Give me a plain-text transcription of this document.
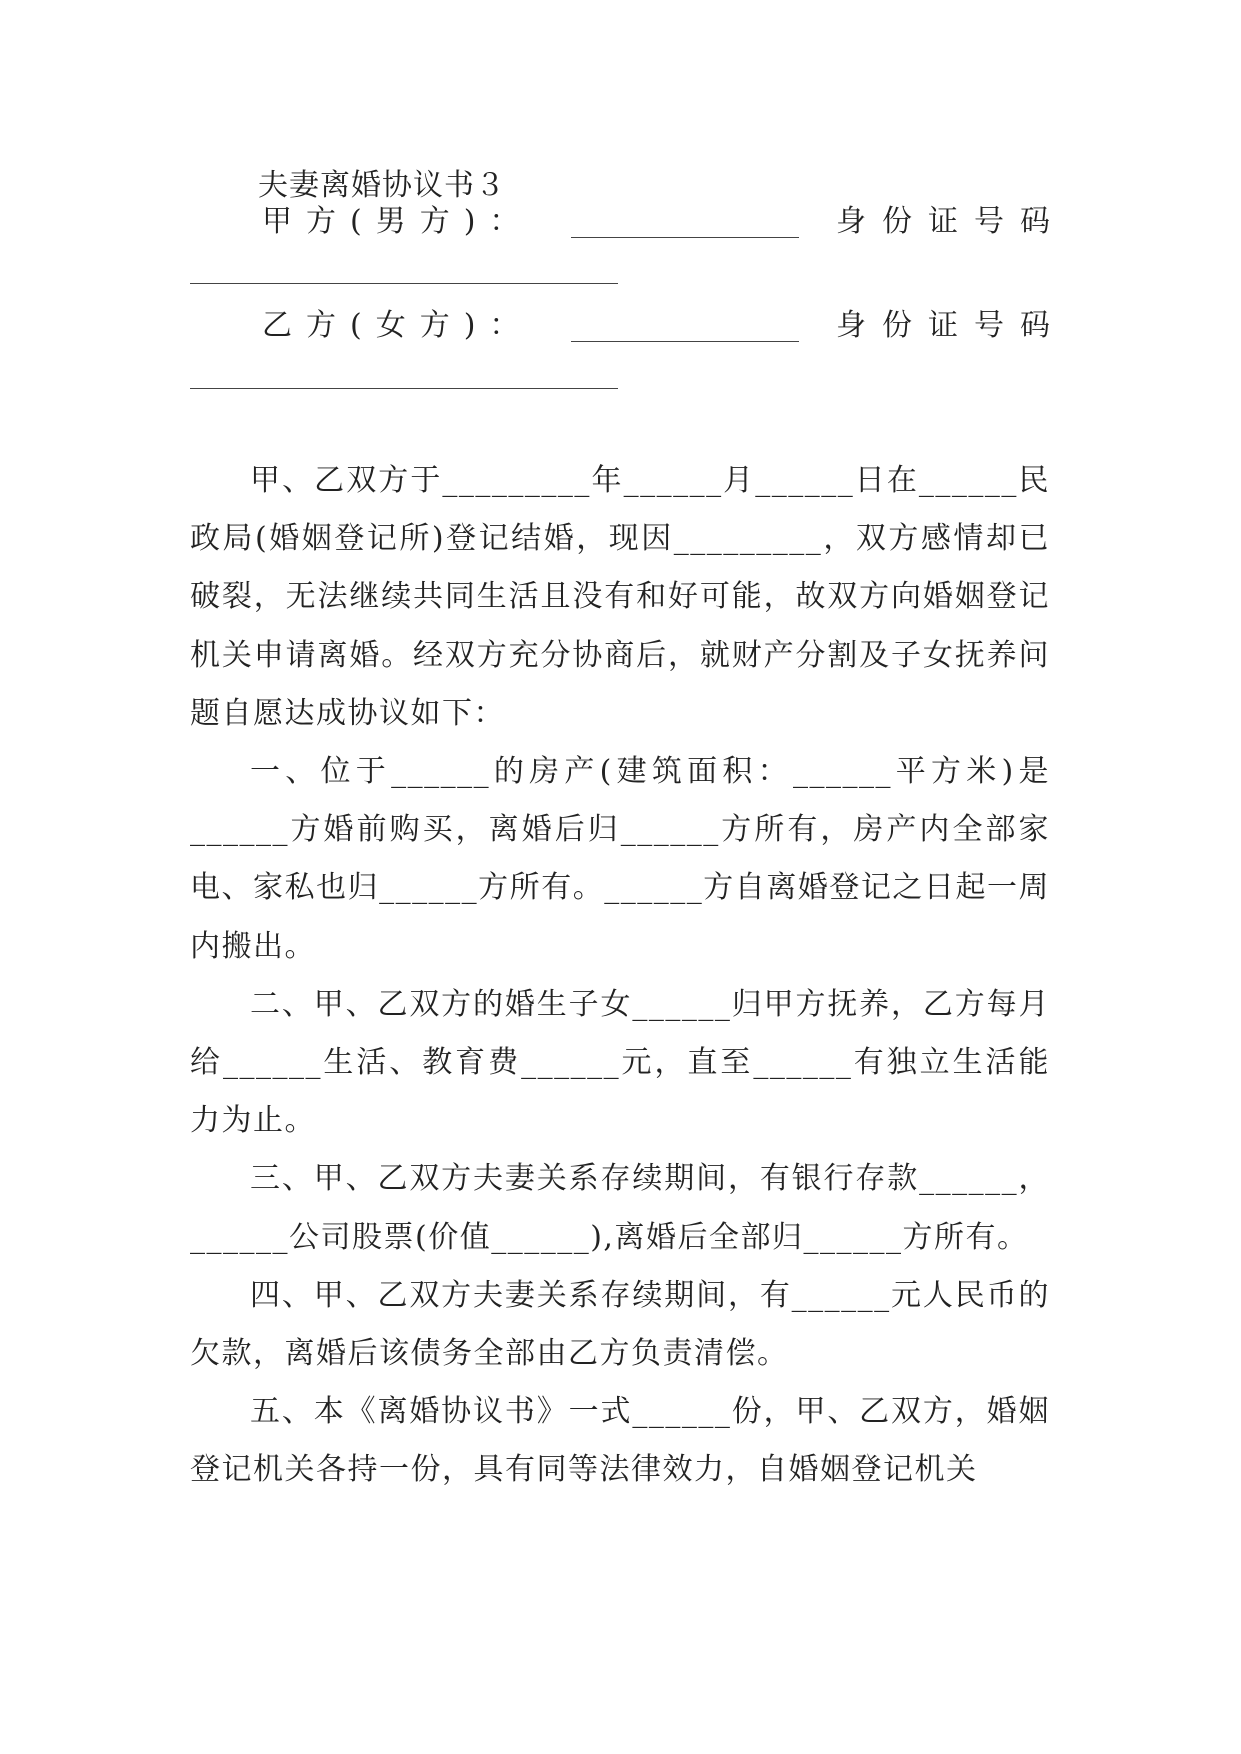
夫妻离婚协议书３
甲方(男方)：	身份证号码
乙方(女方)：	身份证号码

甲、乙双方于_________年______月______日在______民政局(婚姻登记所)登记结婚，现因_________，双方感情却已破裂，无法继续共同生活且没有和好可能，故双方向婚姻登记机关申请离婚。经双方充分协商后，就财产分割及子女抚养问题自愿达成协议如下：

一、位于______的房产(建筑面积：______平方米)是______方婚前购买，离婚后归______方所有，房产内全部家电、家私也归______方所有。______方自离婚登记之日起一周内搬出。

二、甲、乙双方的婚生子女______归甲方抚养，乙方每月给______生活、教育费______元，直至______有独立生活能力为止。

三、甲、乙双方夫妻关系存续期间，有银行存款______，______公司股票(价值______),离婚后全部归______方所有。

四、甲、乙双方夫妻关系存续期间，有______元人民币的欠款，离婚后该债务全部由乙方负责清偿。

五、本《离婚协议书》一式______份，甲、乙双方，婚姻登记机关各持一份，具有同等法律效力，自婚姻登记机关
